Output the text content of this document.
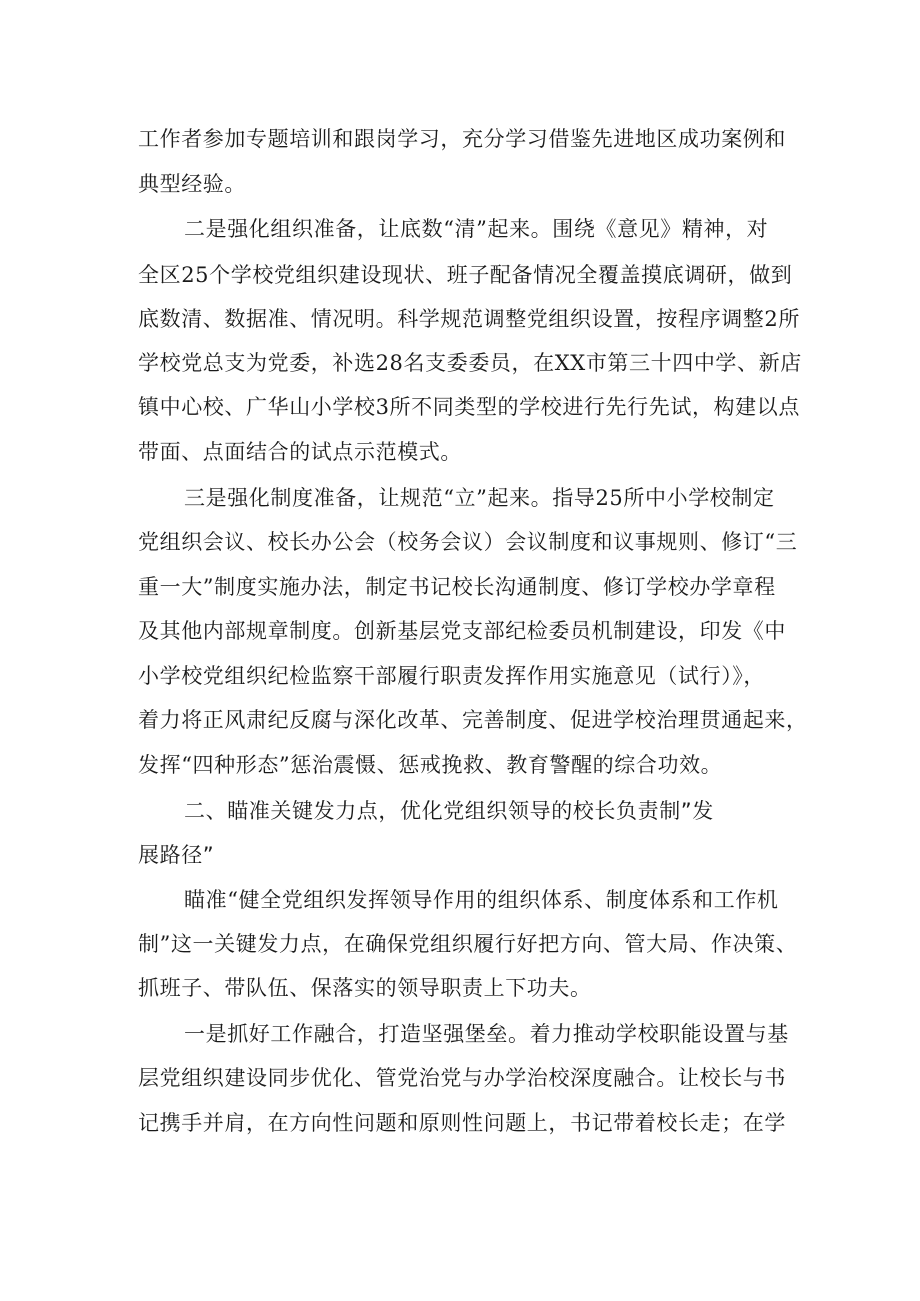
工作者参加专题培训和跟岗学习，充分学习借鉴先进地区成功案例和
典型经验。
二是强化组织准备，让底数“清”起来。围绕《意见》精神，对
全区25个学校党组织建设现状、班子配备情况全覆盖摸底调研，做到
底数清、数据准、情况明。科学规范调整党组织设置，按程序调整2所
学校党总支为党委，补选28名支委委员，在XX市第三十四中学、新店
镇中心校、广华山小学校3所不同类型的学校进行先行先试，构建以点
带面、点面结合的试点示范模式。
三是强化制度准备，让规范“立”起来。指导25所中小学校制定
党组织会议、校长办公会（校务会议）会议制度和议事规则、修订“三
重一大”制度实施办法，制定书记校长沟通制度、修订学校办学章程
及其他内部规章制度。创新基层党支部纪检委员机制建设，印发《中
小学校党组织纪检监察干部履行职责发挥作用实施意见（试行）》，
着力将正风肃纪反腐与深化改革、完善制度、促进学校治理贯通起来，
发挥“四种形态”惩治震慑、惩戒挽救、教育警醒的综合功效。
二、瞄准关键发力点，优化党组织领导的校长负责制”发
展路径”
瞄准“健全党组织发挥领导作用的组织体系、制度体系和工作机
制”这一关键发力点，在确保党组织履行好把方向、管大局、作决策、
抓班子、带队伍、保落实的领导职责上下功夫。
一是抓好工作融合，打造坚强堡垒。着力推动学校职能设置与基
层党组织建设同步优化、管党治党与办学治校深度融合。让校长与书
记携手并肩，在方向性问题和原则性问题上，书记带着校长走；在学
